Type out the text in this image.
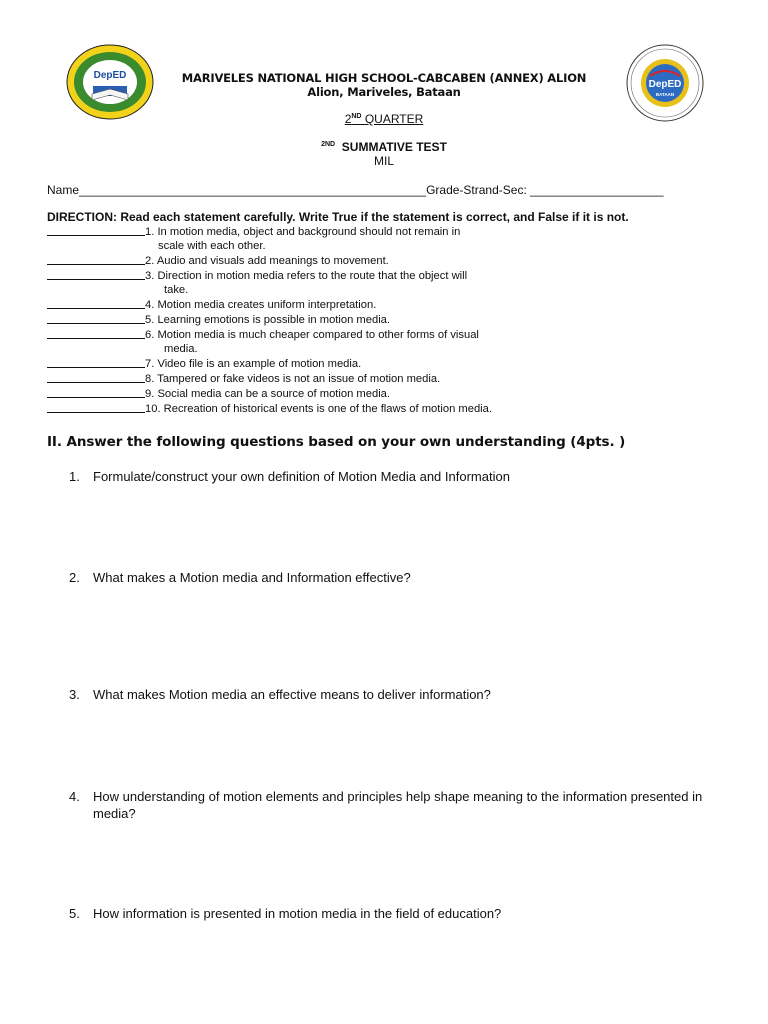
DepED
DepED
BATAAN
MARIVELES NATIONAL HIGH SCHOOL-CABCABEN (ANNEX) ALION
Alion, Mariveles, Bataan
2ND QUARTER
$^{2ND}$ SUMMATIVE TEST
MIL
Name____________________________________________________Grade-Strand-Sec: ____________________
DIRECTION: Read each statement carefully. Write True if the statement is correct, and False if it is not.
1. In motion media, object and background should not remain in
scale with each other.
2. Audio and visuals add meanings to movement.
3. Direction in motion media refers to the route that the object will
take.
4. Motion media creates uniform interpretation.
5. Learning emotions is possible in motion media.
6. Motion media is much cheaper compared to other forms of visual
media.
7. Video file is an example of motion media.
8. Tampered or fake videos is not an issue of motion media.
9. Social media can be a source of motion media.
10. Recreation of historical events is one of the flaws of motion media.
II. Answer the following questions based on your own understanding (4pts. )
1. Formulate/construct your own definition of Motion Media and Information
2. What makes a Motion media and Information effective?
3. What makes Motion media an effective means to deliver information?
4. How understanding of motion elements and principles help shape meaning to the information presented in media?
5. How information is presented in motion media in the field of education?
